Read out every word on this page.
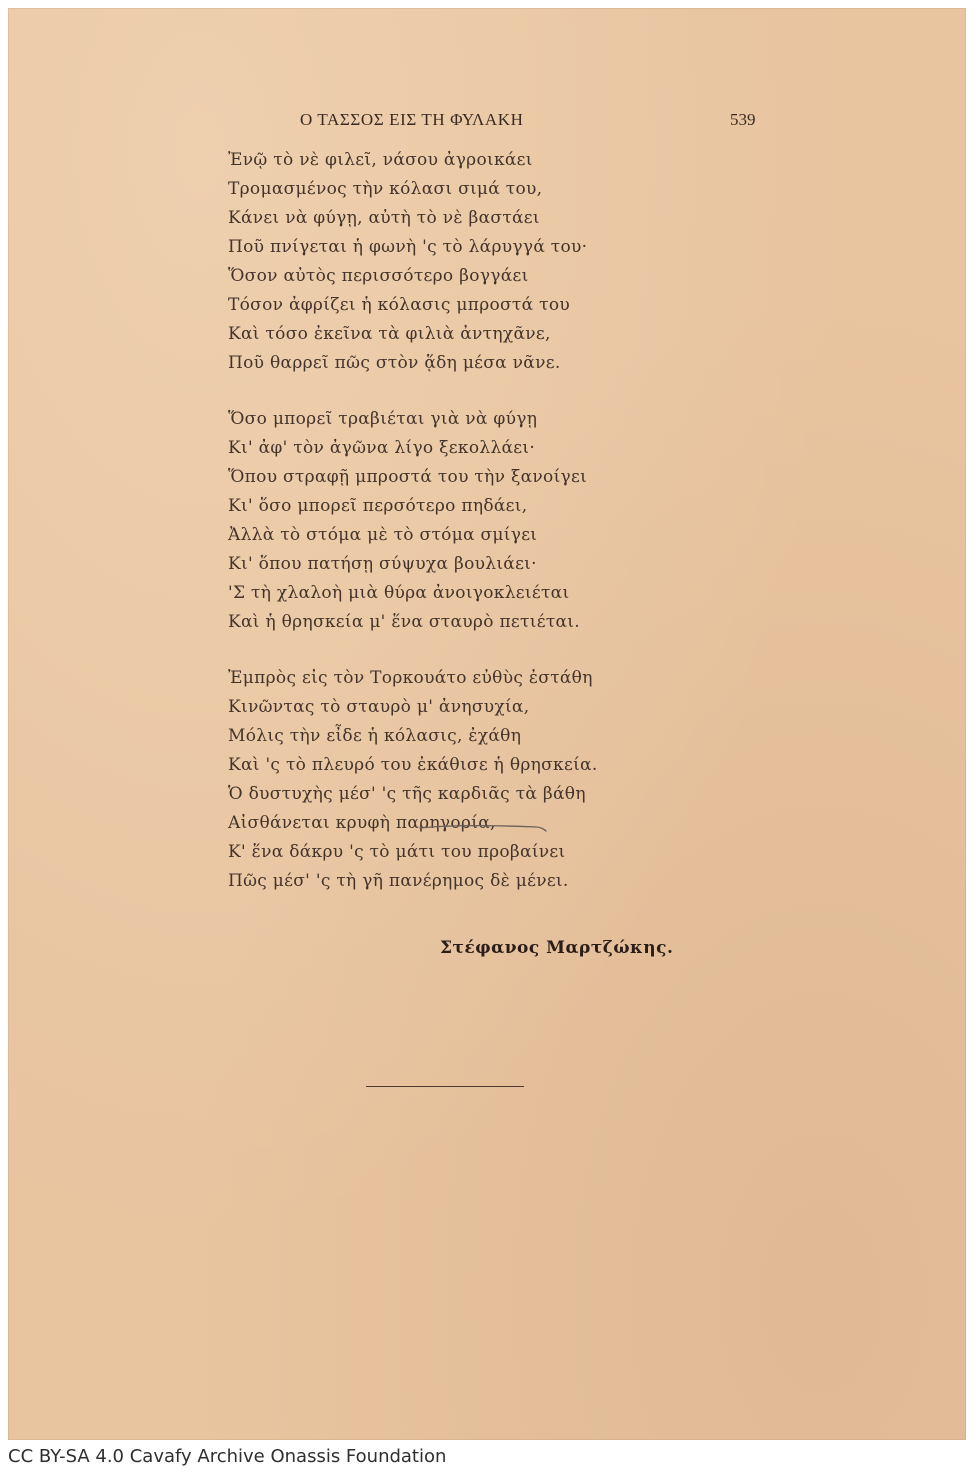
Ο ΤΑΣΣΟΣ ΕΙΣ ΤΗ ΦΥΛΑΚΗ	539
Ἐνῷ τὸ νὲ φιλεῖ, νάσου ἀγροικάει
Τρομασμένος τὴν κόλασι σιμά του,
Κάνει νὰ φύγῃ, αὐτὴ τὸ νὲ βαστάει
Ποῦ πνίγεται ἡ φωνὴ 'ς τὸ λάρυγγά του·
Ὅσον αὐτὸς περισσότερο βογγάει
Τόσον ἀφρίζει ἡ κόλασις μπροστά του
Καὶ τόσο ἐκεῖνα τὰ φιλιὰ ἀντηχᾶνε,
Ποῦ θαρρεῖ πῶς στὸν ᾅδη μέσα νᾶνε.
Ὅσο μπορεῖ τραβιέται γιὰ νὰ φύγῃ
Κι' ἀφ' τὸν ἀγῶνα λίγο ξεκολλάει·
Ὅπου στραφῇ μπροστά του τὴν ξανοίγει
Κι' ὅσο μπορεῖ περσότερο πηδάει,
Ἀλλὰ τὸ στόμα μὲ τὸ στόμα σμίγει
Κι' ὅπου πατήσῃ σύψυχα βουλιάει·
'Σ τὴ χλαλοὴ μιὰ θύρα ἀνοιγοκλειέται
Καὶ ἡ θρησκεία μ' ἕνα σταυρὸ πετιέται.
Ἐμπρὸς εἰς τὸν Τορκουάτο εὐθὺς ἐστάθη
Κινῶντας τὸ σταυρὸ μ' ἀνησυχία,
Μόλις τὴν εἶδε ἡ κόλασις, ἐχάθη
Καὶ 'ς τὸ πλευρό του ἐκάθισε ἡ θρησκεία.
Ὁ δυστυχὴς μέσ' 'ς τῆς καρδιᾶς τὰ βάθη
Αἰσθάνεται κρυφὴ παρηγορία,
Κ' ἕνα δάκρυ 'ς τὸ μάτι του προβαίνει
Πῶς μέσ' 'ς τὴ γῆ πανέρημος δὲ μένει.
Στέφανος Μαρτζώκης.
CC BY-SA 4.0 Cavafy Archive Onassis Foundation
